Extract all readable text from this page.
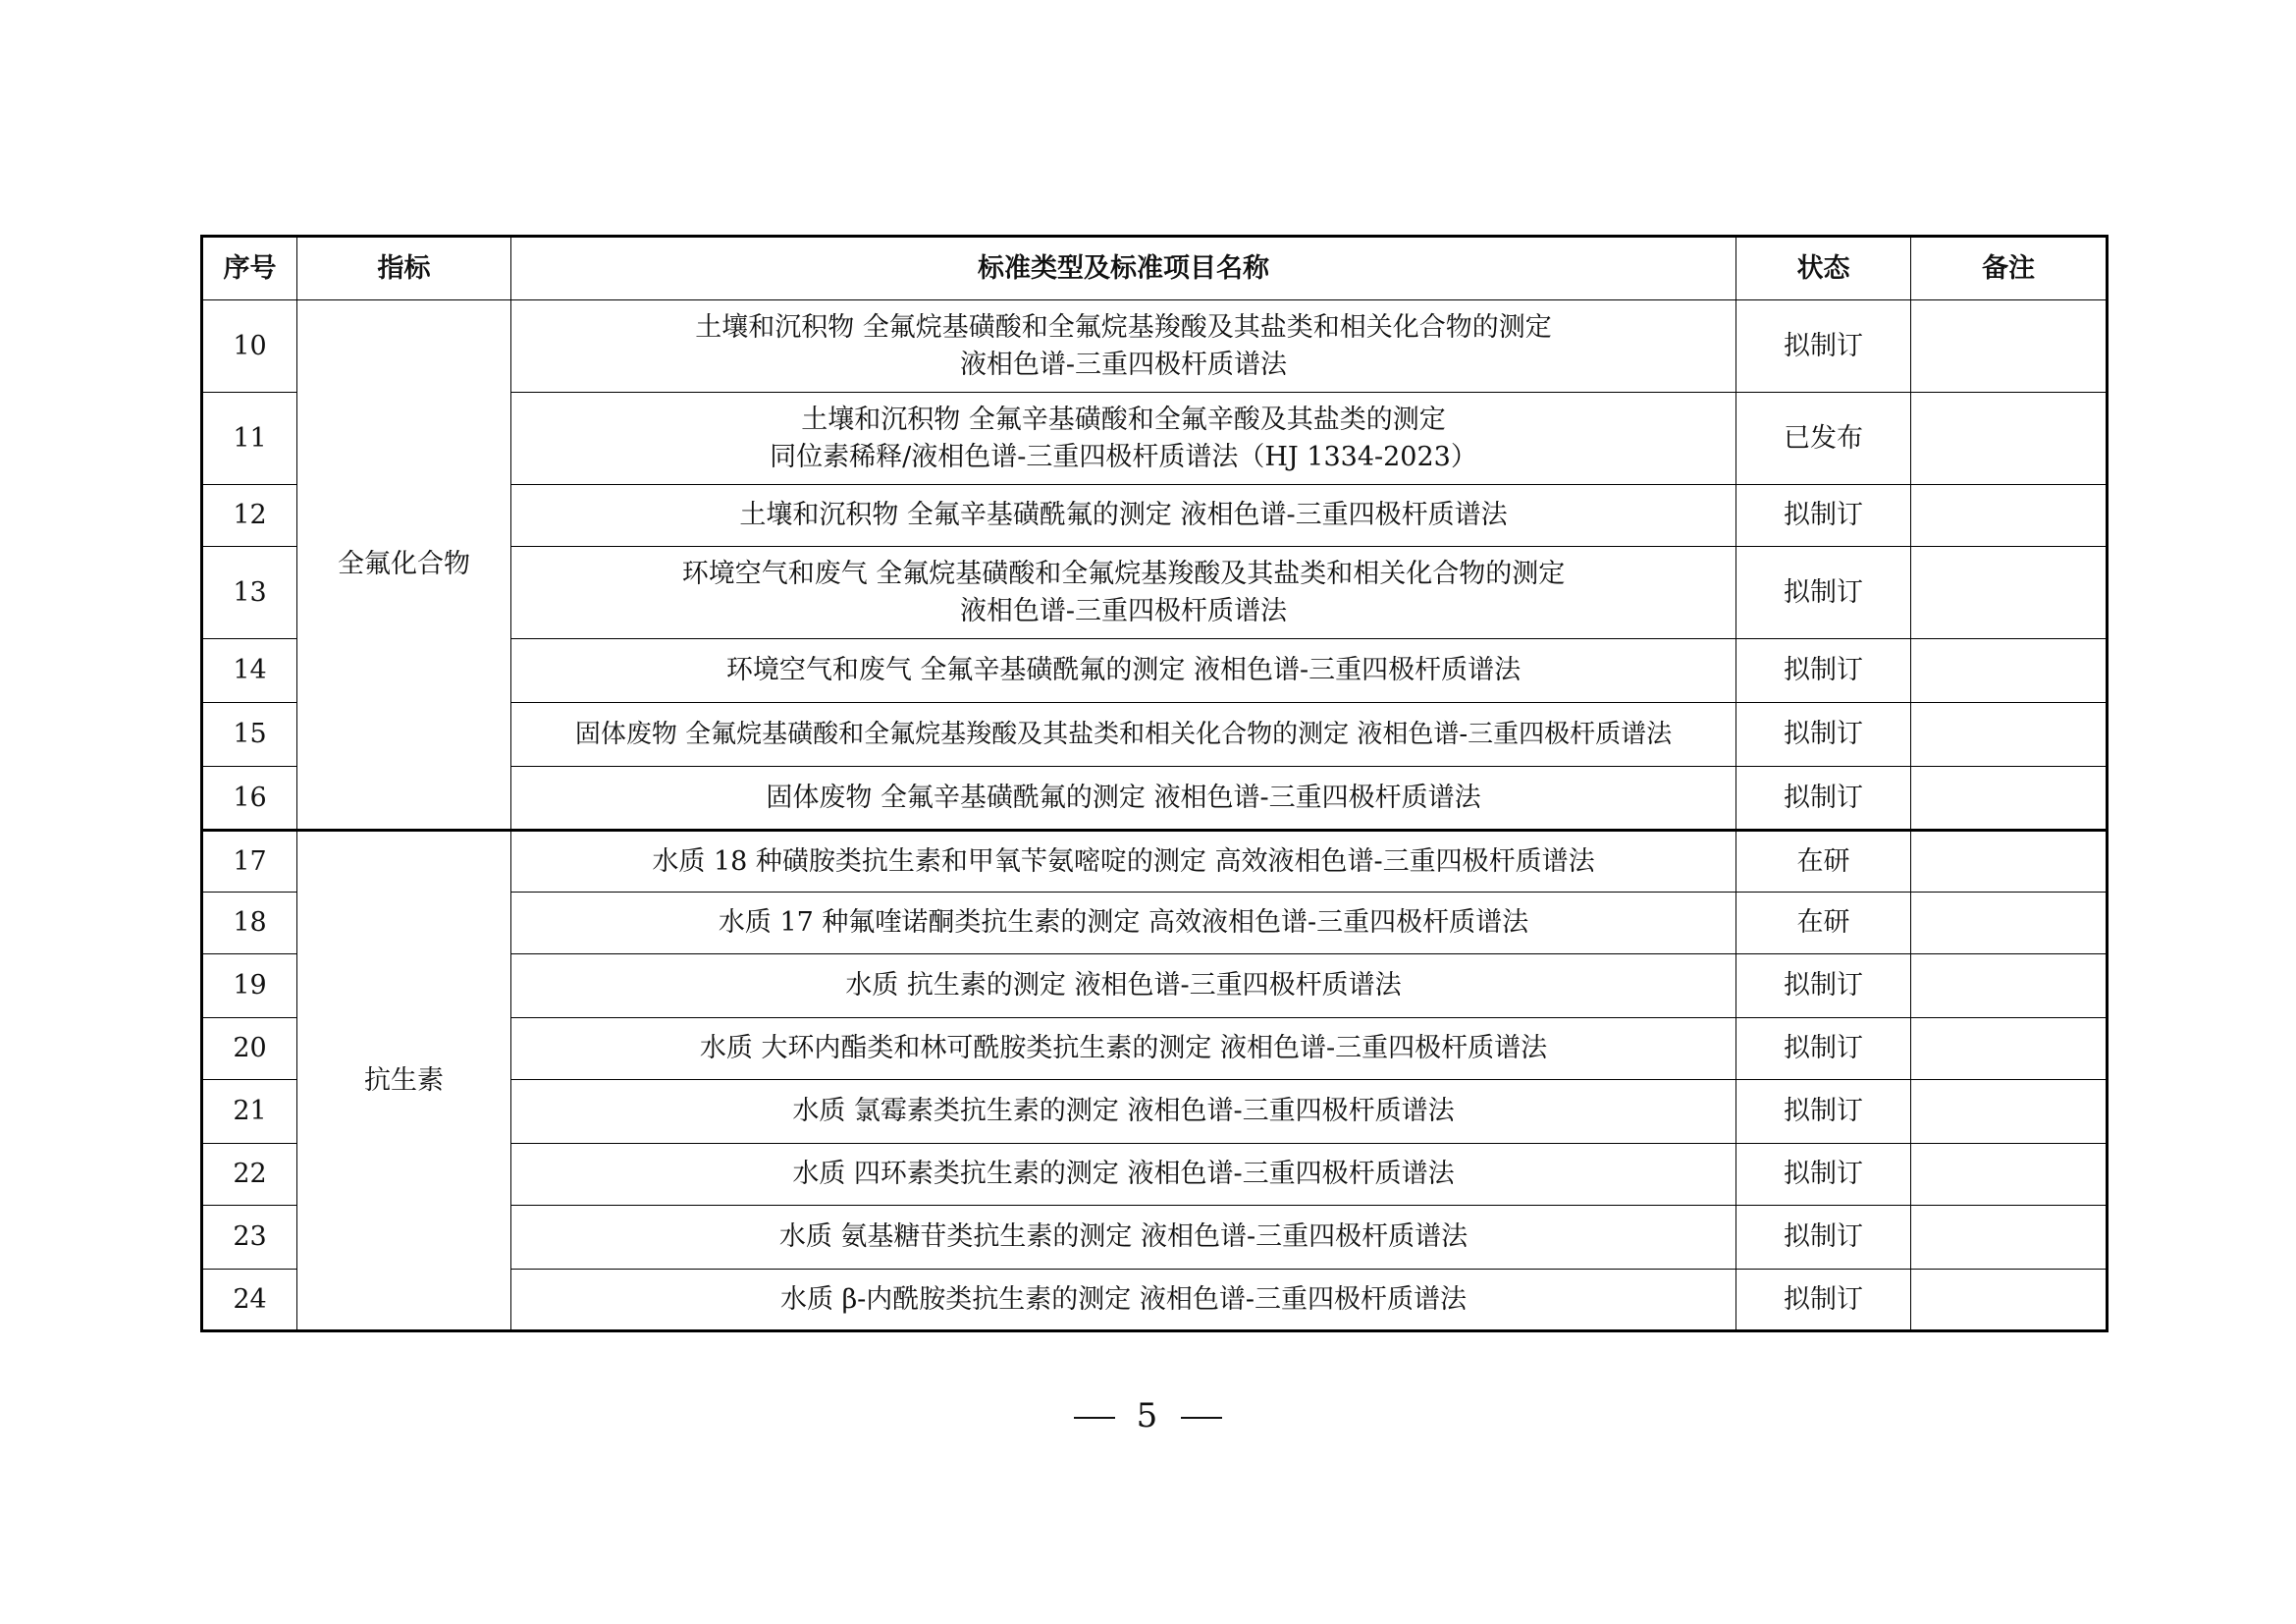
序号	指标	标准类型及标准项目名称	状态	备注
10	全氟化合物	土壤和沉积物 全氟烷基磺酸和全氟烷基羧酸及其盐类和相关化合物的测定
液相色谱-三重四极杆质谱法	拟制订	
11		土壤和沉积物 全氟辛基磺酸和全氟辛酸及其盐类的测定
同位素稀释/液相色谱-三重四极杆质谱法（HJ 1334-2023）	已发布	
12		土壤和沉积物 全氟辛基磺酰氟的测定 液相色谱-三重四极杆质谱法	拟制订	
13		环境空气和废气 全氟烷基磺酸和全氟烷基羧酸及其盐类和相关化合物的测定
液相色谱-三重四极杆质谱法	拟制订	
14		环境空气和废气 全氟辛基磺酰氟的测定 液相色谱-三重四极杆质谱法	拟制订	
15		固体废物 全氟烷基磺酸和全氟烷基羧酸及其盐类和相关化合物的测定 液相色谱-三重四极杆质谱法	拟制订	
16		固体废物 全氟辛基磺酰氟的测定 液相色谱-三重四极杆质谱法	拟制订	
17	抗生素	水质 18 种磺胺类抗生素和甲氧苄氨嘧啶的测定 高效液相色谱-三重四极杆质谱法	在研	
18		水质 17 种氟喹诺酮类抗生素的测定 高效液相色谱-三重四极杆质谱法	在研	
19		水质 抗生素的测定 液相色谱-三重四极杆质谱法	拟制订	
20		水质 大环内酯类和林可酰胺类抗生素的测定 液相色谱-三重四极杆质谱法	拟制订	
21		水质 氯霉素类抗生素的测定 液相色谱-三重四极杆质谱法	拟制订	
22		水质 四环素类抗生素的测定 液相色谱-三重四极杆质谱法	拟制订	
23		水质 氨基糖苷类抗生素的测定 液相色谱-三重四极杆质谱法	拟制订	
24		水质 β-内酰胺类抗生素的测定 液相色谱-三重四极杆质谱法	拟制订	
5
